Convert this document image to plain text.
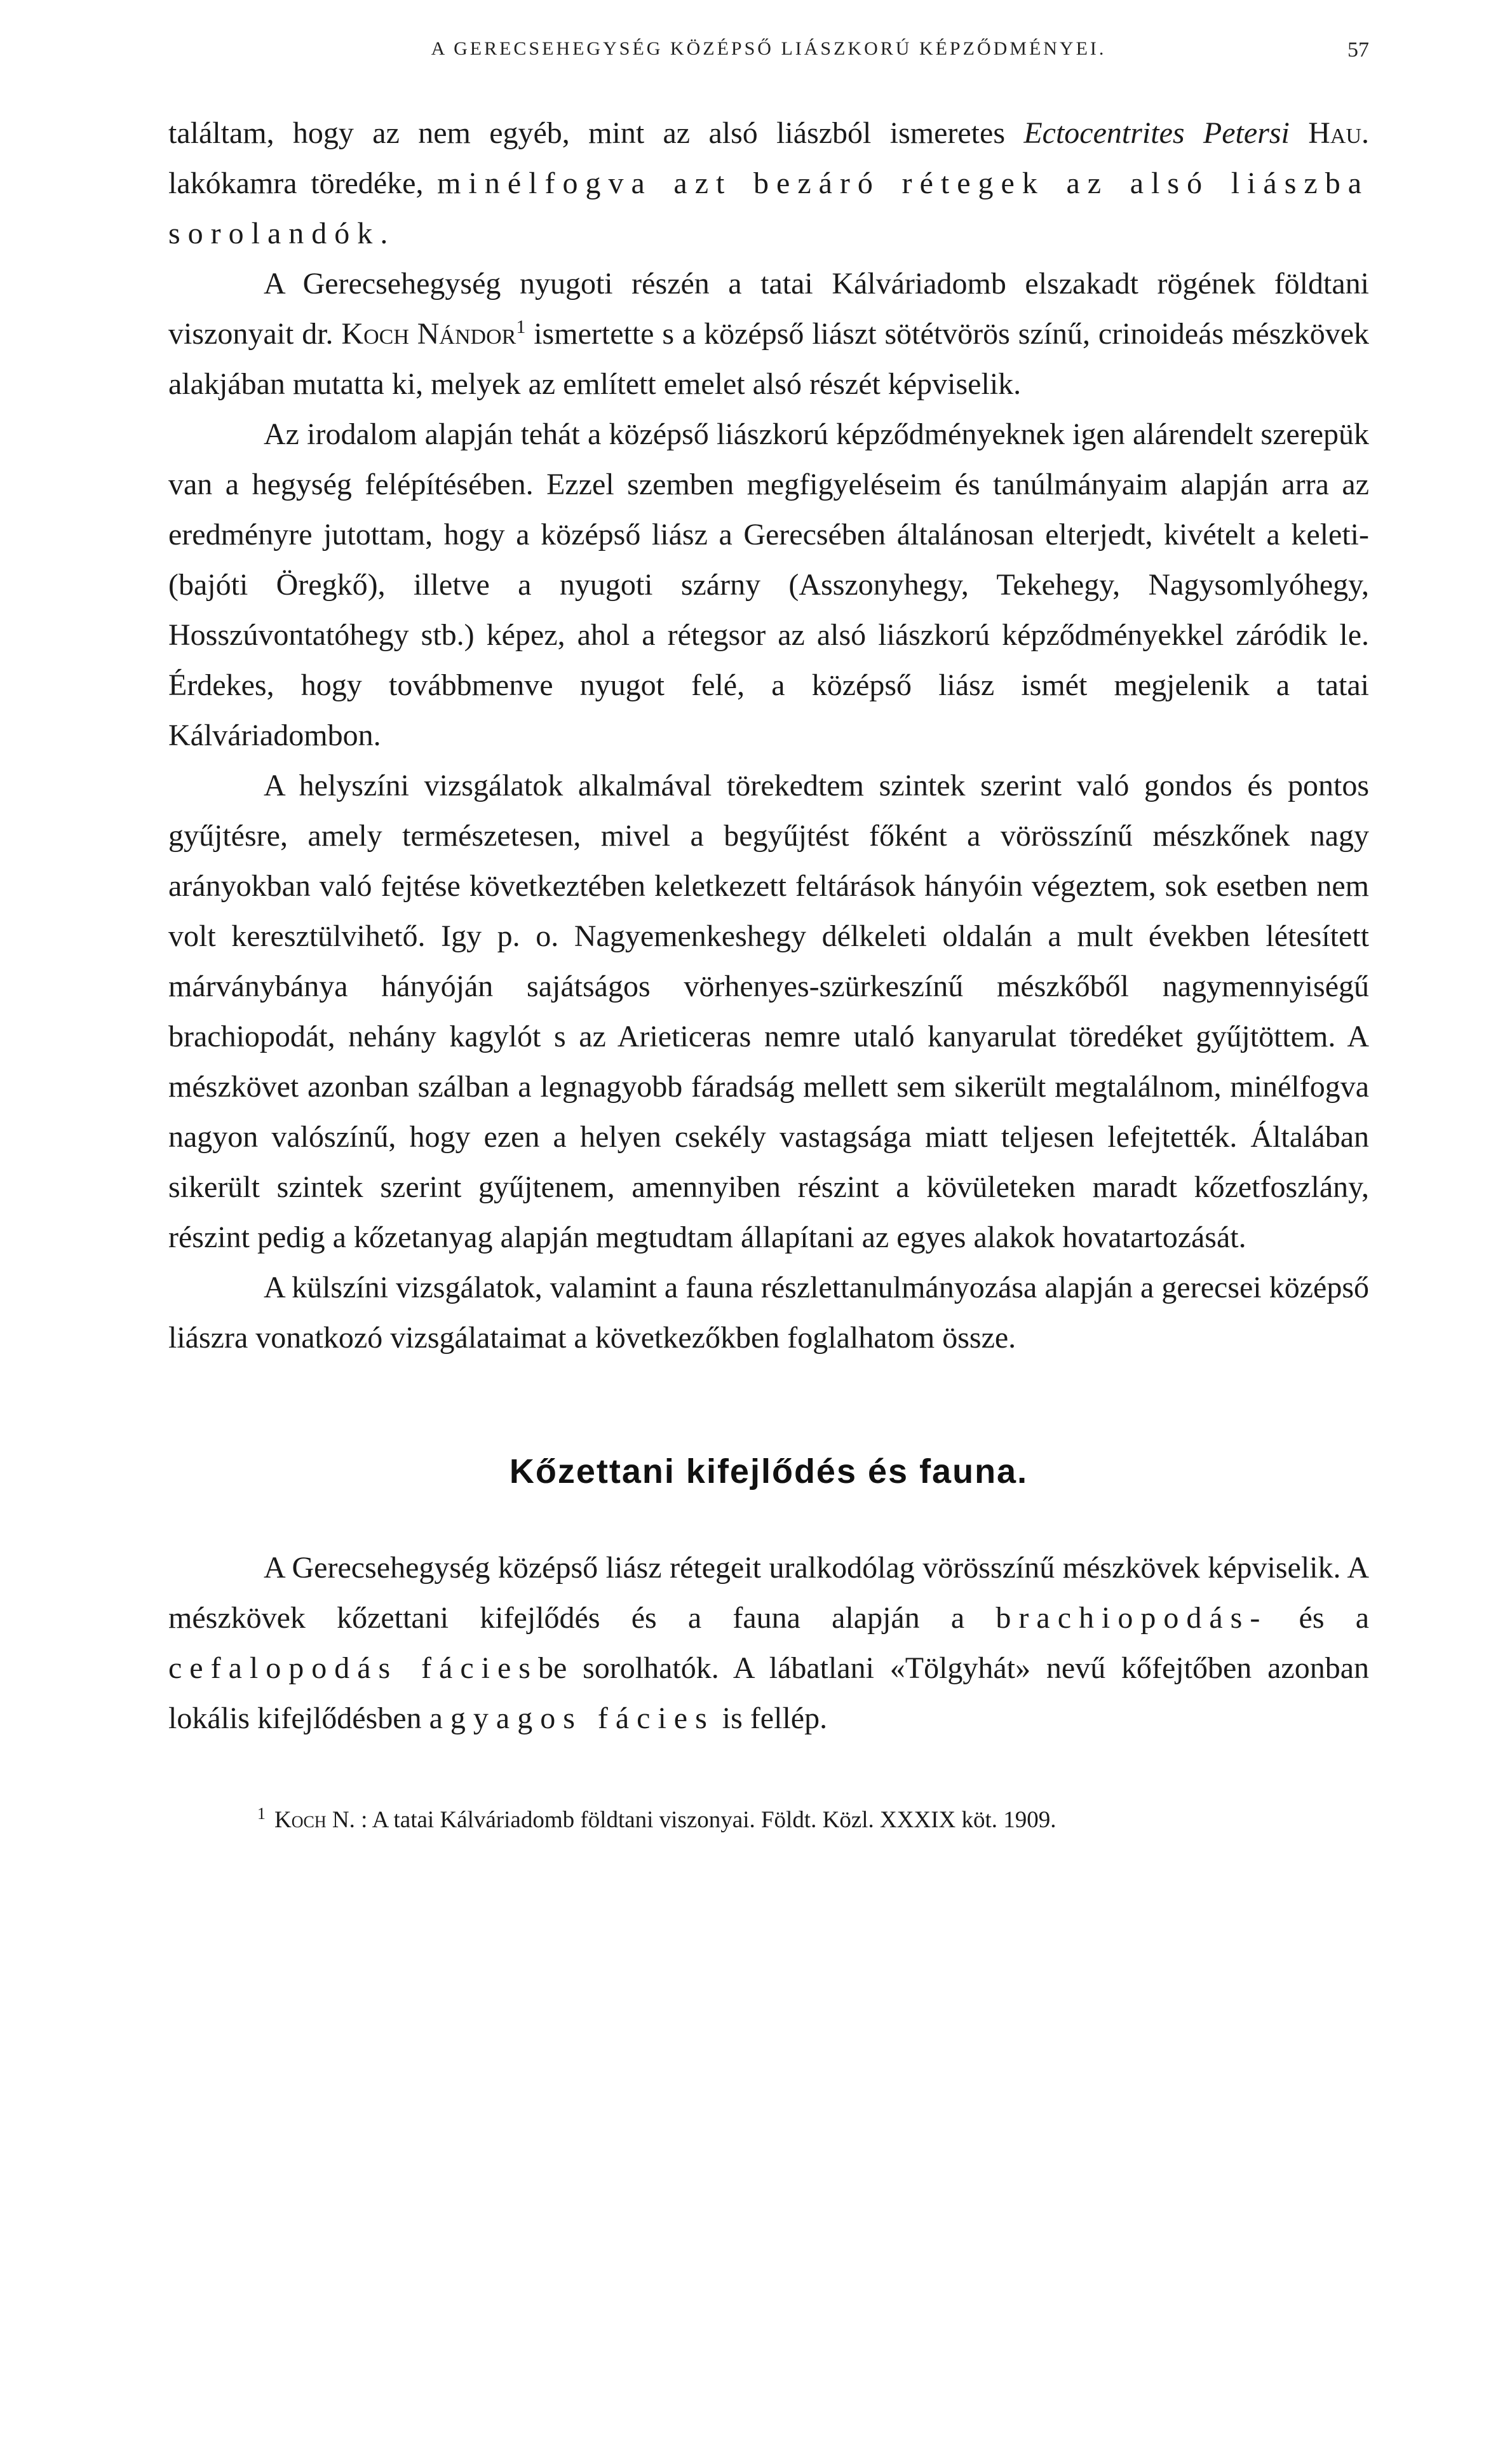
A GERECSEHEGYSÉG KÖZÉPSŐ LIÁSZKORÚ KÉPZŐDMÉNYEI.	57

találtam, hogy az nem egyéb, mint az alsó liászból ismeretes Ectocentrites Petersi Hau. lakókamra töredéke, minélfogva azt bezáró rétegek az alsó liászba sorolandók.

A Gerecsehegység nyugoti részén a tatai Kálváriadomb elszakadt rögének földtani viszonyait dr. Koch Nándor$^1$ ismertette s a középső liászt sötétvörös színű, crinoideás mészkövek alakjában mutatta ki, melyek az említett emelet alsó részét képviselik.

Az irodalom alapján tehát a középső liászkorú képződményeknek igen alárendelt szerepük van a hegység felépítésében. Ezzel szemben megfigyeléseim és tanúlmányaim alapján arra az eredményre jutottam, hogy a középső liász a Gerecsében általánosan elterjedt, kivételt a keleti- (bajóti Öregkő), illetve a nyugoti szárny (Asszonyhegy, Tekehegy, Nagysomlyóhegy, Hosszúvontatóhegy stb.) képez, ahol a rétegsor az alsó liászkorú képződményekkel záródik le. Érdekes, hogy továbbmenve nyugot felé, a középső liász ismét megjelenik a tatai Kálváriadombon.

A helyszíni vizsgálatok alkalmával törekedtem szintek szerint való gondos és pontos gyűjtésre, amely természetesen, mivel a begyűjtést főként a vörösszínű mészkőnek nagy arányokban való fejtése következtében keletkezett feltárások hányóin végeztem, sok esetben nem volt keresztülvihető. Igy p. o. Nagyemenkeshegy délkeleti oldalán a mult években létesített márványbánya hányóján sajátságos vörhenyes-szürkeszínű mészkőből nagymennyiségű brachiopodát, nehány kagylót s az Arieticeras nemre utaló kanyarulat töredéket gyűjtöttem. A mészkövet azonban szálban a legnagyobb fáradság mellett sem sikerült megtalálnom, minélfogva nagyon valószínű, hogy ezen a helyen csekély vastagsága miatt teljesen lefejtették. Általában sikerült szintek szerint gyűjtenem, amennyiben részint a kövületeken maradt kőzetfoszlány, részint pedig a kőzetanyag alapján megtudtam állapítani az egyes alakok hovatartozását.

A külszíni vizsgálatok, valamint a fauna részlettanulmányozása alapján a gerecsei középső liászra vonatkozó vizsgálataimat a következőkben foglalhatom össze.

Kőzettani kifejlődés és fauna.

A Gerecsehegység középső liász rétegeit uralkodólag vörösszínű mészkövek képviselik. A mészkövek kőzettani kifejlődés és a fauna alapján a brachiopodás- és a cefalopodás fáciesbe sorolhatók. A lábatlani «Tölgyhát» nevű kőfejtőben azonban lokális kifejlődésben a gyagos fácies is fellép.

$^1$ Koch N. : A tatai Kálváriadomb földtani viszonyai. Földt. Közl. XXXIX köt. 1909.
